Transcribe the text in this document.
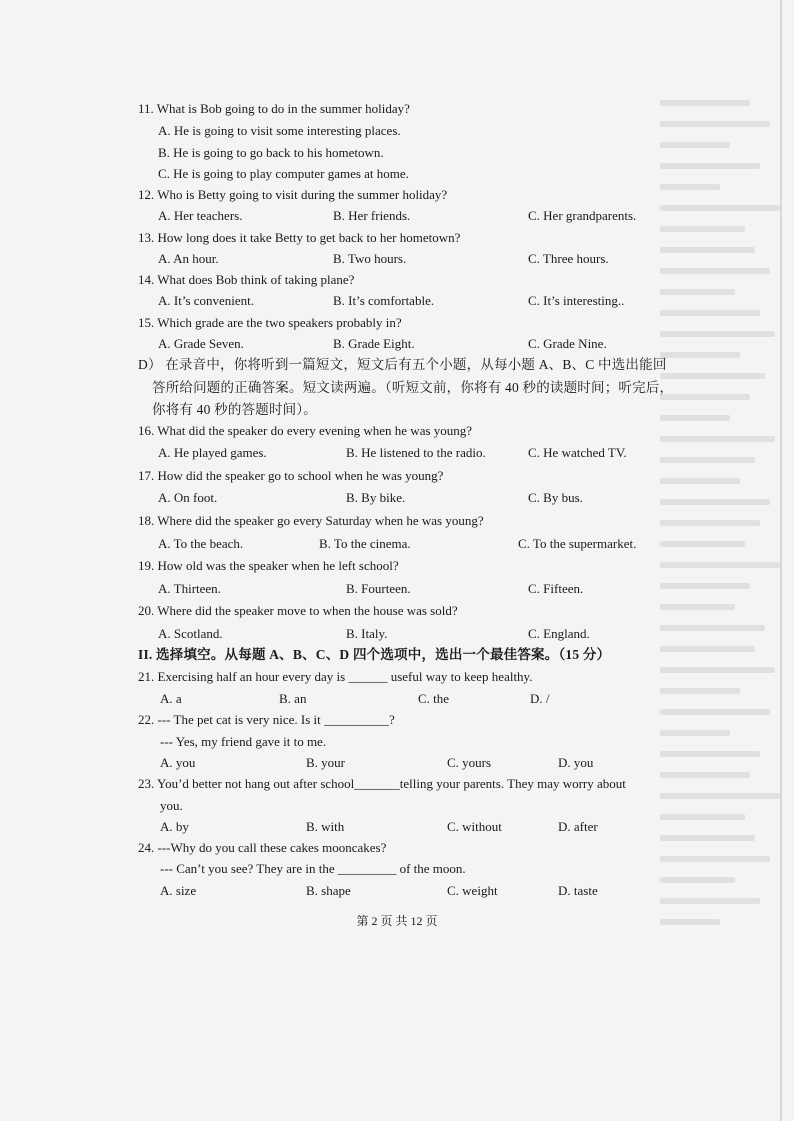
11. What is Bob going to do in the summer holiday?
A. He is going to visit some interesting places.
B. He is going to go back to his hometown.
C. He is going to play computer games at home.
12. Who is Betty going to visit during the summer holiday?
A. Her teachers.	B. Her friends.	C. Her grandparents.
13. How long does it take Betty to get back to her hometown?
A. An hour.	B. Two hours.	C. Three hours.
14. What does Bob think of taking plane?
A. It’s convenient.	B. It’s comfortable.	C. It’s interesting..
15. Which grade are the two speakers probably in?
A. Grade Seven.	B. Grade Eight.	C. Grade Nine.
D） 在录音中，你将听到一篇短文，短文后有五个小题，从每小题 A、B、C 中选出能回
答所给问题的正确答案。短文读两遍。（听短文前，你将有 40 秒的读题时间；听完后，
你将有 40 秒的答题时间）。
16. What did the speaker do every evening when he was young?
A. He played games.	B. He listened to the radio.	C. He watched TV.
17. How did the speaker go to school when he was young?
A. On foot.	B. By bike.	C. By bus.
18. Where did the speaker go every Saturday when he was young?
A. To the beach.	B. To the cinema.	C. To the supermarket.
19. How old was the speaker when he left school?
A. Thirteen.	B. Fourteen.	C. Fifteen.
20. Where did the speaker move to when the house was sold?
A. Scotland.	B. Italy.	C. England.
II. 选择填空。从每题 A、B、C、D 四个选项中，选出一个最佳答案。（15 分）
21. Exercising half an hour every day is ______ useful way to keep healthy.
A. a	B. an	C. the	D. /
22. --- The pet cat is very nice. Is it __________?
--- Yes, my friend gave it to me.
A. you	B. your	C. yours	D. you
23. You’d better not hang out after school_______telling your parents. They may worry about
you.
A. by	B. with	C. without	D. after
24. ---Why do you call these cakes mooncakes?
--- Can’t you see? They are in the _________ of the moon.
A. size	B. shape	C. weight	D. taste
第 2 页 共 12 页
